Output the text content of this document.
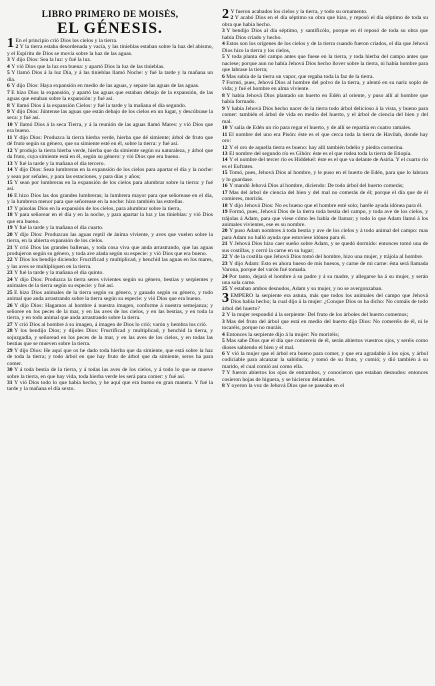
LIBRO PRIMERO DE MOISÉS,
EL GÉNESIS.

1 En el principio crió Dios los cielos y la tierra.

2 Y la tierra estaba desordenada y vacía, y las tinieblas estaban sobre la haz del abismo, y el Espíritu de Dios se movía sobre la haz de las aguas.

3 Y dijo Dios: Sea la luz: y fué la luz.

4 Y vió Dios que la luz era buena: y apartó Dios la luz de las tinieblas.

5 Y llamó Dios á la luz Día, y á las tinieblas llamó Noche: y fué la tarde y la mañana un día.

6 Y dijo Dios: Haya expansión en medio de las aguas, y separe las aguas de las aguas.

7 E hizo Dios la expansión, y apartó las aguas que estaban debajo de la expansión, de las aguas que estaban sobre la expansión: y fué así.

8 Y llamó Dios á la expansión Cielos: y fué la tarde y la mañana el día segundo.

9 Y dijo Dios: Júntense las aguas que están debajo de los cielos en un lugar, y descúbrase la seca: y fué así.

10 Y llamó Dios á la seca Tierra, y á la reunión de las aguas llamó Mares: y vió Dios que era bueno.

11 Y dijo Dios: Produzca la tierra hierba verde, hierba que dé simiente; árbol de fruto que dé fruto según su género, que su simiente esté en él, sobre la tierra: y fué así.

12 Y produjo la tierra hierba verde, hierba que da simiente según su naturaleza, y árbol que da fruto, cuya simiente está en él, según su género: y vió Dios que era bueno.

13 Y fué la tarde y la mañana el día tercero.

14 Y dijo Dios: Sean lumbreras en la expansión de los cielos para apartar el día y la noche: y sean por señales, y para las estaciones, y para días y años;

15 Y sean por lumbreras en la expansión de los cielos para alumbrar sobre la tierra: y fué así.

16 E hizo Dios las dos grandes lumbreras; la lumbrera mayor para que señorease en el día, y la lumbrera menor para que señorease en la noche: hizo también las estrellas.

17 Y púsolas Dios en la expansión de los cielos, para alumbrar sobre la tierra,

18 Y para señorear en el día y en la noche, y para apartar la luz y las tinieblas: y vió Dios que era bueno.

19 Y fué la tarde y la mañana el día cuarto.

20 Y dijo Dios: Produzcan las aguas reptil de ánima viviente, y aves que vuelen sobre la tierra, en la abierta expansión de los cielos.

21 Y crió Dios las grandes ballenas, y toda cosa viva que anda arrastrando, que las aguas produjeron según su género, y toda ave alada según su especie: y vió Dios que era bueno.

22 Y Dios los bendijo diciendo: Fructificad y multiplicad, y henchid las aguas en los mares, y las aves se multipliquen en la tierra.

23 Y fué la tarde y la mañana el día quinto.

24 Y dijo Dios: Produzca la tierra seres vivientes según su género, bestias y serpientes y animales de la tierra según su especie: y fué así.

25 E hizo Dios animales de la tierra según su género, y ganado según su género, y todo animal que anda arrastrando sobre la tierra según su especie: y vió Dios que era bueno.

26 Y dijo Dios: Hagamos al hombre á nuestra imagen, conforme á nuestra semejanza; y señoree en los peces de la mar, y en las aves de los cielos, y en las bestias, y en toda la tierra, y en todo animal que anda arrastrando sobre la tierra.

27 Y crió Dios al hombre á su imagen, á imagen de Dios lo crió; varón y hembra los crió.

28 Y los bendijo Dios; y díjoles Dios: Fructificad y multiplicad, y henchid la tierra, y sojuzgadla, y señoread en los peces de la mar, y en las aves de los cielos, y en todas las bestias que se mueven sobre la tierra.

29 Y dijo Dios: He aquí que os he dado toda hierba que da simiente, que está sobre la haz de toda la tierra; y todo árbol en que hay fruto de árbol que da simiente, seros ha para comer.

30 Y á toda bestia de la tierra, y á todas las aves de los cielos, y á todo lo que se mueve sobre la tierra, en que hay vida, toda hierba verde les será para comer: y fué así.

31 Y vió Dios todo lo que había hecho, y he aquí que era bueno en gran manera. Y fué la tarde y la mañana el día sexto.

2 Y fueron acabados los cielos y la tierra, y todo su ornamento.

2 Y acabó Dios en el día séptimo su obra que hizo, y reposó el día séptimo de toda su obra que había hecho.

3 Y bendijo Dios al día séptimo, y santificólo, porque en él reposó de toda su obra que había Dios criado y hecho.

4 Estos son los orígenes de los cielos y de la tierra cuando fueron criados, el día que Jehová Dios hizo la tierra y los cielos,

5 Y toda planta del campo antes que fuese en la tierra, y toda hierba del campo antes que naciese; porque aun no había Jehová Dios hecho llover sobre la tierra, ni había hombre para que labrase la tierra;

6 Mas subía de la tierra un vapor, que regaba toda la faz de la tierra.

7 Formó, pues, Jehová Dios al hombre del polvo de la tierra, y alentó en su nariz soplo de vida; y fué el hombre en alma viviente.

8 Y había Jehová Dios plantado un huerto en Edén al oriente, y puso allí al hombre que había formado.

9 Y había Jehová Dios hecho nacer de la tierra todo árbol delicioso á la vista, y bueno para comer: también el árbol de vida en medio del huerto, y el árbol de ciencia del bien y del mal.

10 Y salía de Edén un río para regar el huerto, y de allí se repartía en cuatro ramales.

11 El nombre del uno era Pisón: éste es el que cerca toda la tierra de Havilah, donde hay oro:

12 Y el oro de aquella tierra es bueno: hay allí también bdelio y piedra cornerina.

13 El nombre del segundo río es Gihón: éste es el que rodea toda la tierra de Etiopía.

14 Y el nombre del tercer río es Hiddekel: éste es el que va delante de Asiria. Y el cuarto río es el Eufrates.

15 Tomó, pues, Jehová Dios al hombre, y le puso en el huerto de Edén, para que lo labrara y lo guardase.

16 Y mandó Jehová Dios al hombre, diciendo: De todo árbol del huerto comerás;

17 Mas del árbol de ciencia del bien y del mal no comerás de él; porque el día que de él comieres, morirás.

18 Y dijo Jehová Dios: No es bueno que el hombre esté solo; haréle ayuda idónea para él.

19 Formó, pues, Jehová Dios de la tierra toda bestia del campo, y toda ave de los cielos, y trájolas á Adam, para que viese cómo les había de llamar; y todo lo que Adam llamó á los animales vivientes, ese es su nombre.

20 Y puso Adam nombres á toda bestia y ave de los cielos y á todo animal del campo: mas para Adam no halló ayuda que estuviese idónea para él.

21 Y Jehová Dios hizo caer sueño sobre Adam, y se quedó dormido: entonces tomó una de sus costillas, y cerró la carne en su lugar;

22 Y de la costilla que Jehová Dios tomó del hombre, hizo una mujer, y trájola al hombre.

23 Y dijo Adam: Esto es ahora hueso de mis huesos, y carne de mi carne: ésta será llamada Varona, porque del varón fué tomada.

24 Por tanto, dejará el hombre á su padre y á su madre, y allegarse ha á su mujer, y serán una sola carne.

25 Y estaban ambos desnudos, Adam y su mujer, y no se avergonzaban.

3 EMPERO la serpiente era astuta, más que todos los animales del campo que Jehová Dios había hecho; la cual dijo á la mujer: ¿Conque Dios os ha dicho: No comáis de todo árbol del huerto?

2 Y la mujer respondió á la serpiente: Del fruto de los árboles del huerto comemos;

3 Mas del fruto del árbol que está en medio del huerto dijo Dios: No comeréis de él, ni le tocaréis, porque no muráis.

4 Entonces la serpiente dijo á la mujer: No moriréis;

5 Mas sabe Dios que el día que comiereis de él, serán abiertos vuestros ojos, y seréis como dioses sabiendo el bien y el mal.

6 Y vió la mujer que el árbol era bueno para comer, y que era agradable á los ojos, y árbol codiciable para alcanzar la sabiduría; y tomó de su fruto, y comió; y dió también á su marido, el cual comió así como ella.

7 Y fueron abiertos los ojos de entrambos, y conocieron que estaban desnudos: entonces cosieron hojas de higuera, y se hicieron delantales.

8 Y oyeron la voz de Jehová Dios que se paseaba en el
